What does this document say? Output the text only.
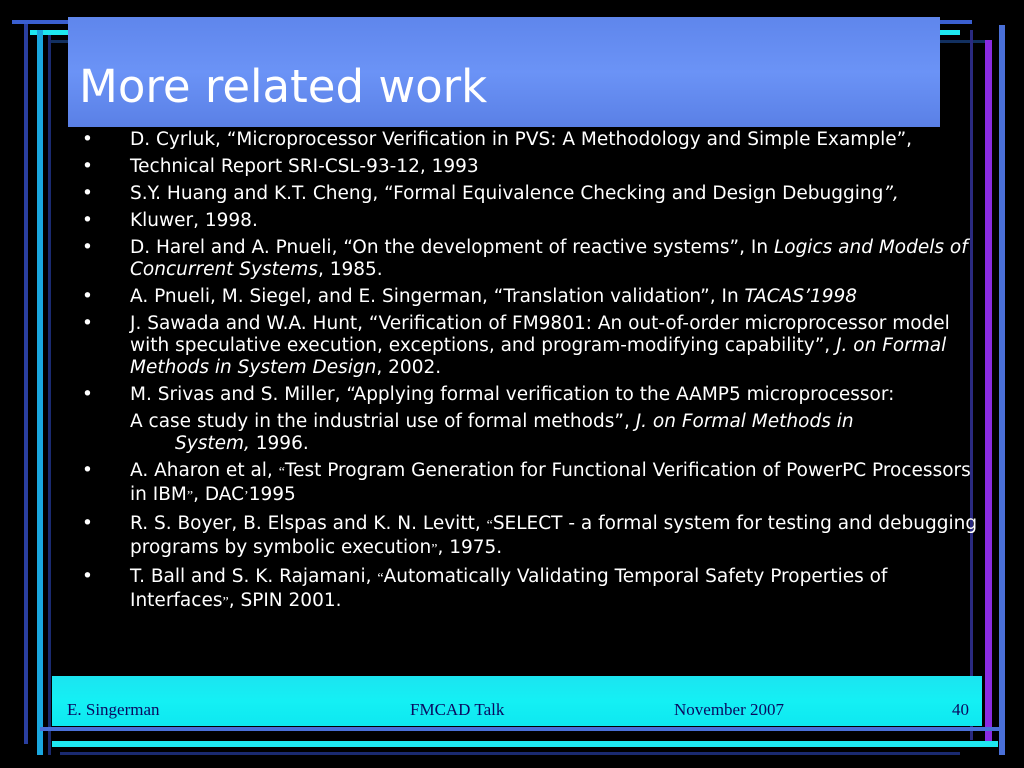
More related work
• D. Cyrluk, “Microprocessor Verification in PVS: A Methodology and Simple Example”,
• Technical Report SRI-CSL-93-12, 1993
• S.Y. Huang and K.T. Cheng, “Formal Equivalence Checking and Design Debugging”,
• Kluwer, 1998.
• D. Harel and A. Pnueli, “On the development of reactive systems”, In Logics and Models of Concurrent Systems, 1985.
• A. Pnueli, M. Siegel, and E. Singerman, “Translation validation”, In TACAS’1998
• J. Sawada and W.A. Hunt, “Verification of FM9801: An out-of-order microprocessor model with speculative execution, exceptions, and program-modifying capability”, J. on Formal Methods in System Design, 2002.
• M. Srivas and S. Miller, “Applying formal verification to the AAMP5 microprocessor:
A case study in the industrial use of formal methods”, J. on Formal Methods in
System, 1996.
• A. Aharon et al, “Test Program Generation for Functional Verification of PowerPC Processors in IBM”, DAC’1995
• R. S. Boyer, B. Elspas and K. N. Levitt, “SELECT - a formal system for testing and debugging programs by symbolic execution”, 1975.
• T. Ball and S. K. Rajamani, “Automatically Validating Temporal Safety Properties of Interfaces”, SPIN 2001.
E. Singerman	FMCAD Talk	November 2007	40
